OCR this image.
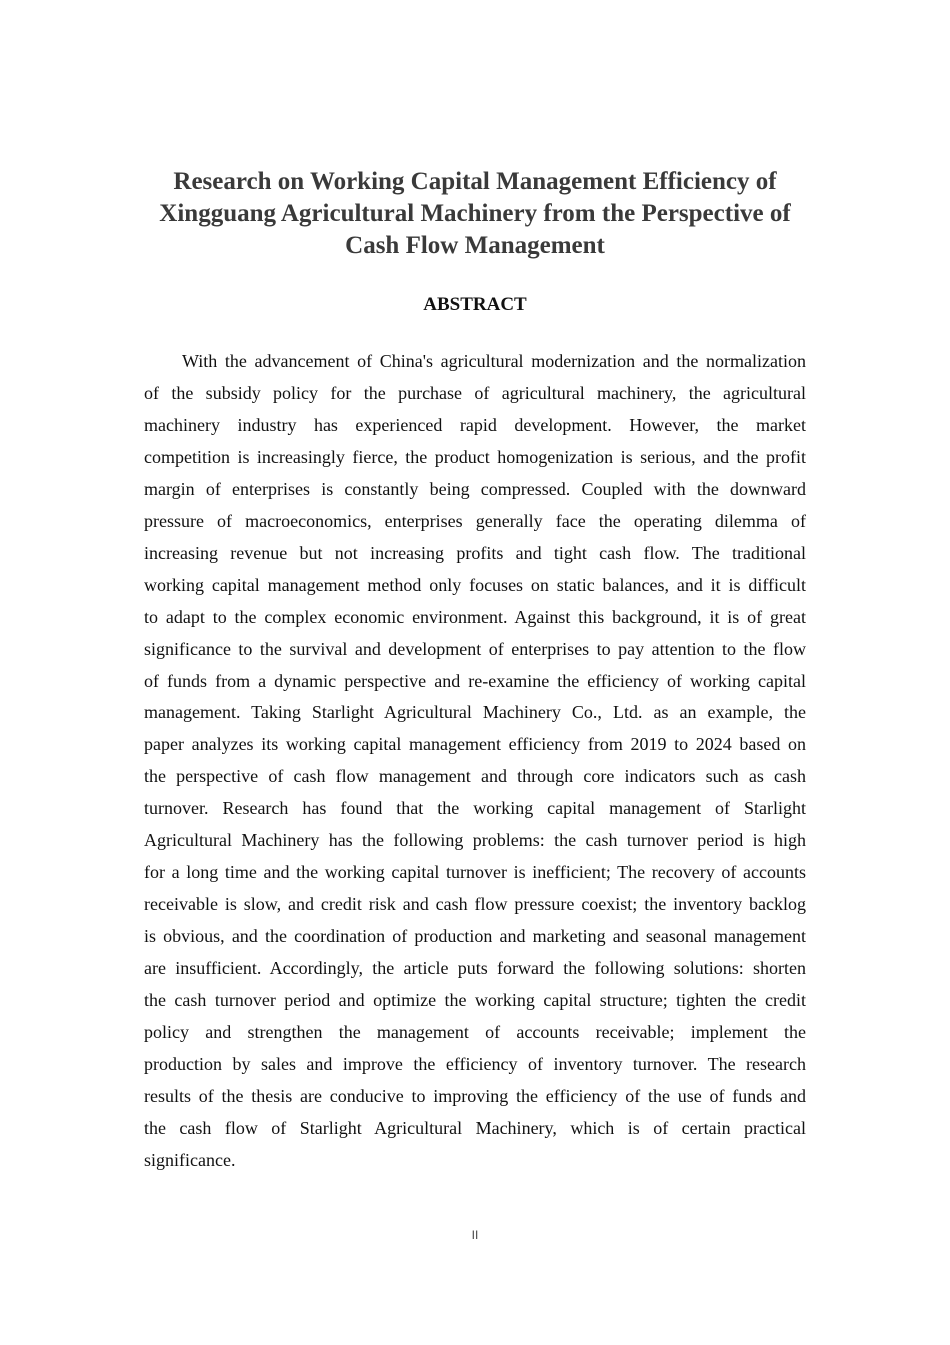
Research on Working Capital Management Efficiency of
Xingguang Agricultural Machinery from the Perspective of
Cash Flow Management
ABSTRACT
With the advancement of China's agricultural modernization and the normalization
of the subsidy policy for the purchase of agricultural machinery, the agricultural
machinery industry has experienced rapid development. However, the market
competition is increasingly fierce, the product homogenization is serious, and the profit
margin of enterprises is constantly being compressed. Coupled with the downward
pressure of macroeconomics, enterprises generally face the operating dilemma of
increasing revenue but not increasing profits and tight cash flow. The traditional
working capital management method only focuses on static balances, and it is difficult
to adapt to the complex economic environment. Against this background, it is of great
significance to the survival and development of enterprises to pay attention to the flow
of funds from a dynamic perspective and re-examine the efficiency of working capital
management. Taking Starlight Agricultural Machinery Co., Ltd. as an example, the
paper analyzes its working capital management efficiency from 2019 to 2024 based on
the perspective of cash flow management and through core indicators such as cash
turnover. Research has found that the working capital management of Starlight
Agricultural Machinery has the following problems: the cash turnover period is high
for a long time and the working capital turnover is inefficient; The recovery of accounts
receivable is slow, and credit risk and cash flow pressure coexist; the inventory backlog
is obvious, and the coordination of production and marketing and seasonal management
are insufficient. Accordingly, the article puts forward the following solutions: shorten
the cash turnover period and optimize the working capital structure; tighten the credit
policy and strengthen the management of accounts receivable; implement the
production by sales and improve the efficiency of inventory turnover. The research
results of the thesis are conducive to improving the efficiency of the use of funds and
the cash flow of Starlight Agricultural Machinery, which is of certain practical
significance.
II
